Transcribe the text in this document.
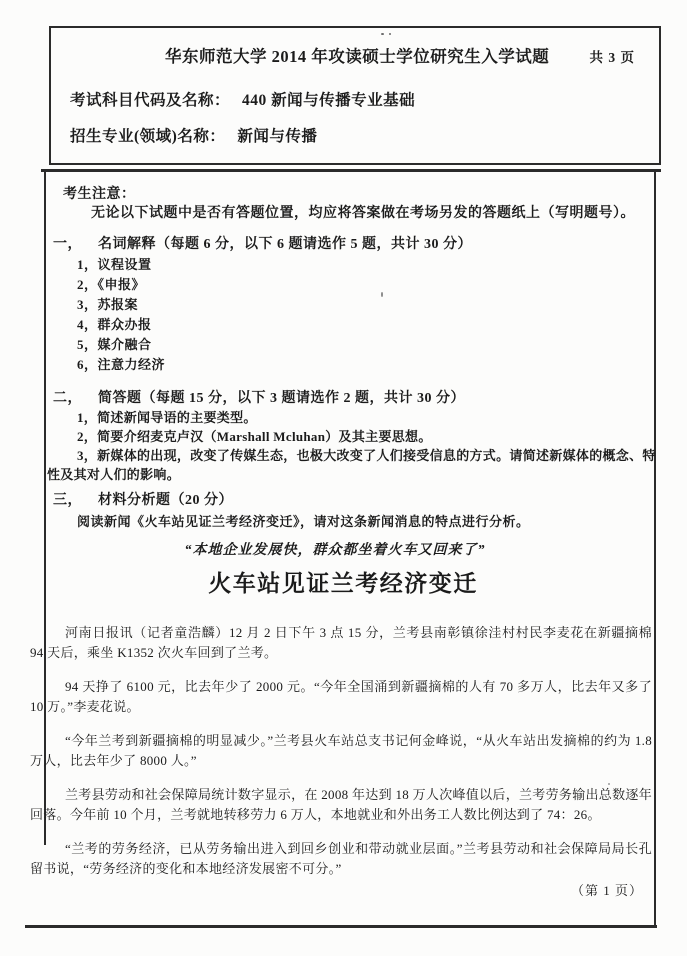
华东师范大学 2014 年攻读硕士学位研究生入学试题	共 3 页
考试科目代码及名称： 440 新闻与传播专业基础
招生专业(领域)名称： 新闻与传播
考生注意：
无论以下试题中是否有答题位置，均应将答案做在考场另发的答题纸上（写明题号）。
一，	名词解释（每题 6 分，以下 6 题请选作 5 题，共计 30 分）
1，议程设置
2，《申报》
3，苏报案
4，群众办报
5，媒介融合
6，注意力经济
二，	简答题（每题 15 分，以下 3 题请选作 2 题，共计 30 分）
1，简述新闻导语的主要类型。
2，简要介绍麦克卢汉（Marshall Mcluhan）及其主要思想。
3，新媒体的出现，改变了传媒生态，也极大改变了人们接受信息的方式。请简述新媒体的概念、特性及其对人们的影响。
三，	材料分析题（20 分）
阅读新闻《火车站见证兰考经济变迁》，请对这条新闻消息的特点进行分析。
“本地企业发展快，群众都坐着火车又回来了”
火车站见证兰考经济变迁

河南日报讯（记者童浩麟）12 月 2 日下午 3 点 15 分，兰考县南彰镇徐洼村村民李麦花在新疆摘棉 94 天后，乘坐 K1352 次火车回到了兰考。

94 天挣了 6100 元，比去年少了 2000 元。“今年全国涌到新疆摘棉的人有 70 多万人，比去年又多了 10 万。”李麦花说。

“今年兰考到新疆摘棉的明显减少。”兰考县火车站总支书记何金峰说，“从火车站出发摘棉的约为 1.8 万人，比去年少了 8000 人。”

兰考县劳动和社会保障局统计数字显示，在 2008 年达到 18 万人次峰值以后，兰考劳务输出总数逐年回落。今年前 10 个月，兰考就地转移劳力 6 万人，本地就业和外出务工人数比例达到了 74：26。

“兰考的劳务经济，已从劳务输出进入到回乡创业和带动就业层面。”兰考县劳动和社会保障局局长孔留书说，“劳务经济的变化和本地经济发展密不可分。”

（第 1 页）
